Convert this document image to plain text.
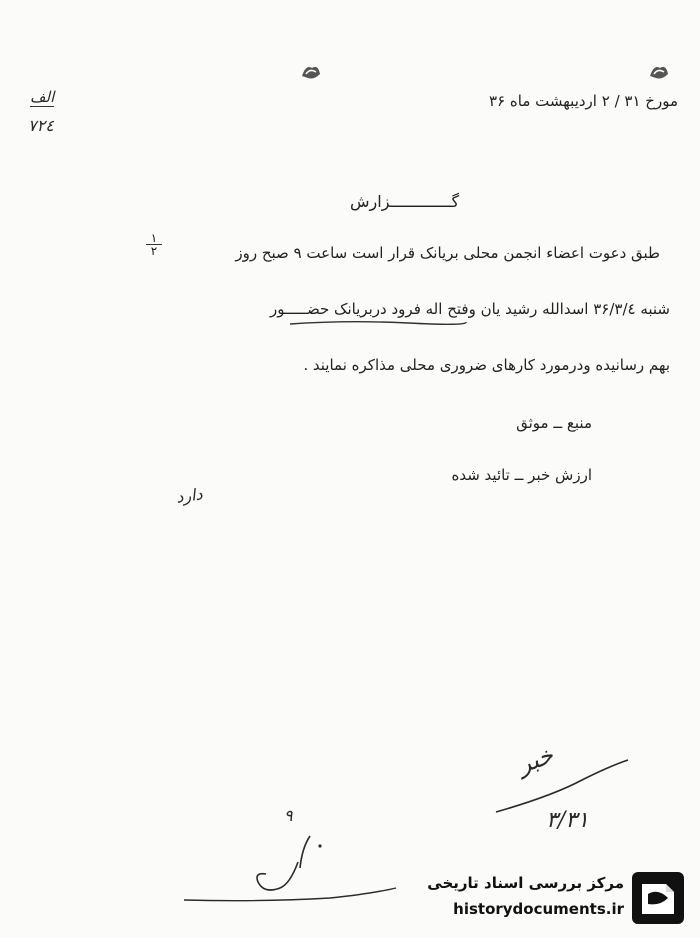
مورخ ۳۱ / ۲ اردیبهشت ماه ۳۶
الف
۷۲٤
گـــــــــــــزارش
طبق دعوت اعضاء انجمن محلی بریانک قرار است ساعت ۹ صبح روز
۱
۲
شنبه ۳۶/۳/٤ اسدالله رشید یان وفتح اله فرود دربریانک حضـــــور
بهم رسانیده ودرمورد کارهای ضروری محلی مذاکره نمایند .
منبع ــ موثق
ارزش خبر ــ تائید شده
دارد
خبر
۳/۳۱
۹
مرکز بررسی اسناد تاریخی
historydocuments.ir
